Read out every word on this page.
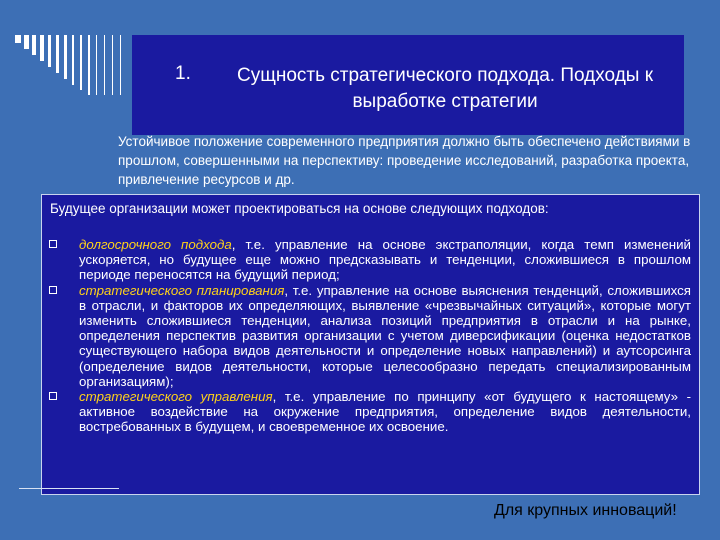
1.	Сущность стратегического подхода. Подходы к выработке стратегии
Устойчивое положение современного предприятия должно быть обеспечено действиями в прошлом, совершенными на перспективу: проведение исследований, разработка проекта, привлечение ресурсов и др.
Будущее организации может проектироваться на основе следующих подходов:
долгосрочного подхода, т.е. управление на основе экстраполяции, когда темп изменений ускоряется, но будущее еще можно предсказывать и тенденции, сложившиеся в прошлом периоде переносятся на будущий период;
стратегического планирования, т.е. управление на основе выяснения тенденций, сложившихся в отрасли, и факторов их определяющих, выявление «чрезвычайных ситуаций», которые могут изменить сложившиеся тенденции, анализа позиций предприятия в отрасли и на рынке, определения перспектив развития организации с учетом диверсификации (оценка недостатков существующего набора видов деятельности и определение новых направлений) и аутсорсинга (определение видов деятельности, которые целесообразно передать специализированным организациям);
стратегического управления, т.е. управление по принципу «от будущего к настоящему» - активное воздействие на окружение предприятия, определение видов деятельности, востребованных в будущем, и своевременное их освоение.
Для крупных инноваций!
